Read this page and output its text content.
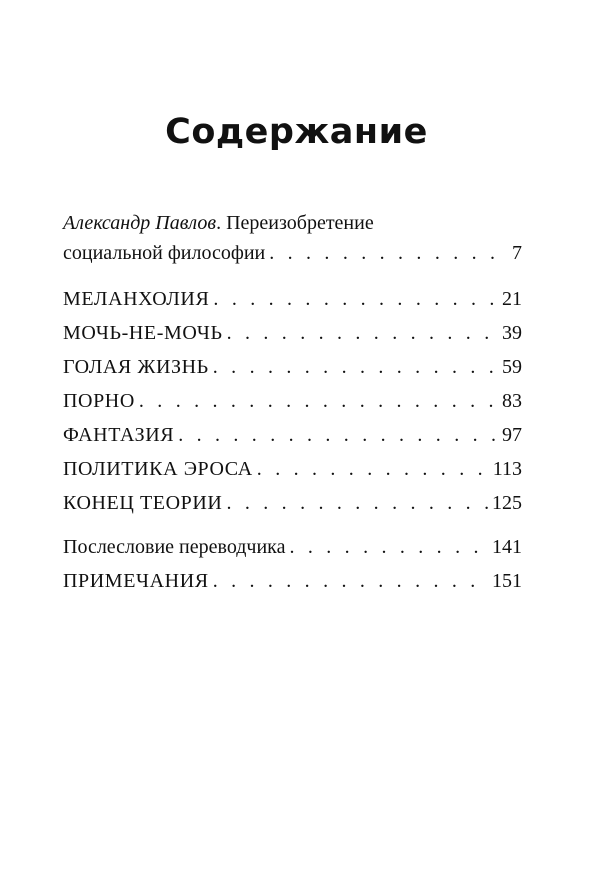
Содержание
Александр Павлов. Переизобретение
социальной философии . . .	7
МЕЛАНХОЛИЯ . . .	21
МОЧЬ-НЕ-МОЧЬ . . .	39
ГОЛАЯ ЖИЗНЬ . . .	59
ПОРНО . . .	83
ФАНТАЗИЯ . . .	97
ПОЛИТИКА ЭРОСА . . .	113
КОНЕЦ ТЕОРИИ . . .	125
Послесловие переводчика . . .	141
ПРИМЕЧАНИЯ . . .	151
